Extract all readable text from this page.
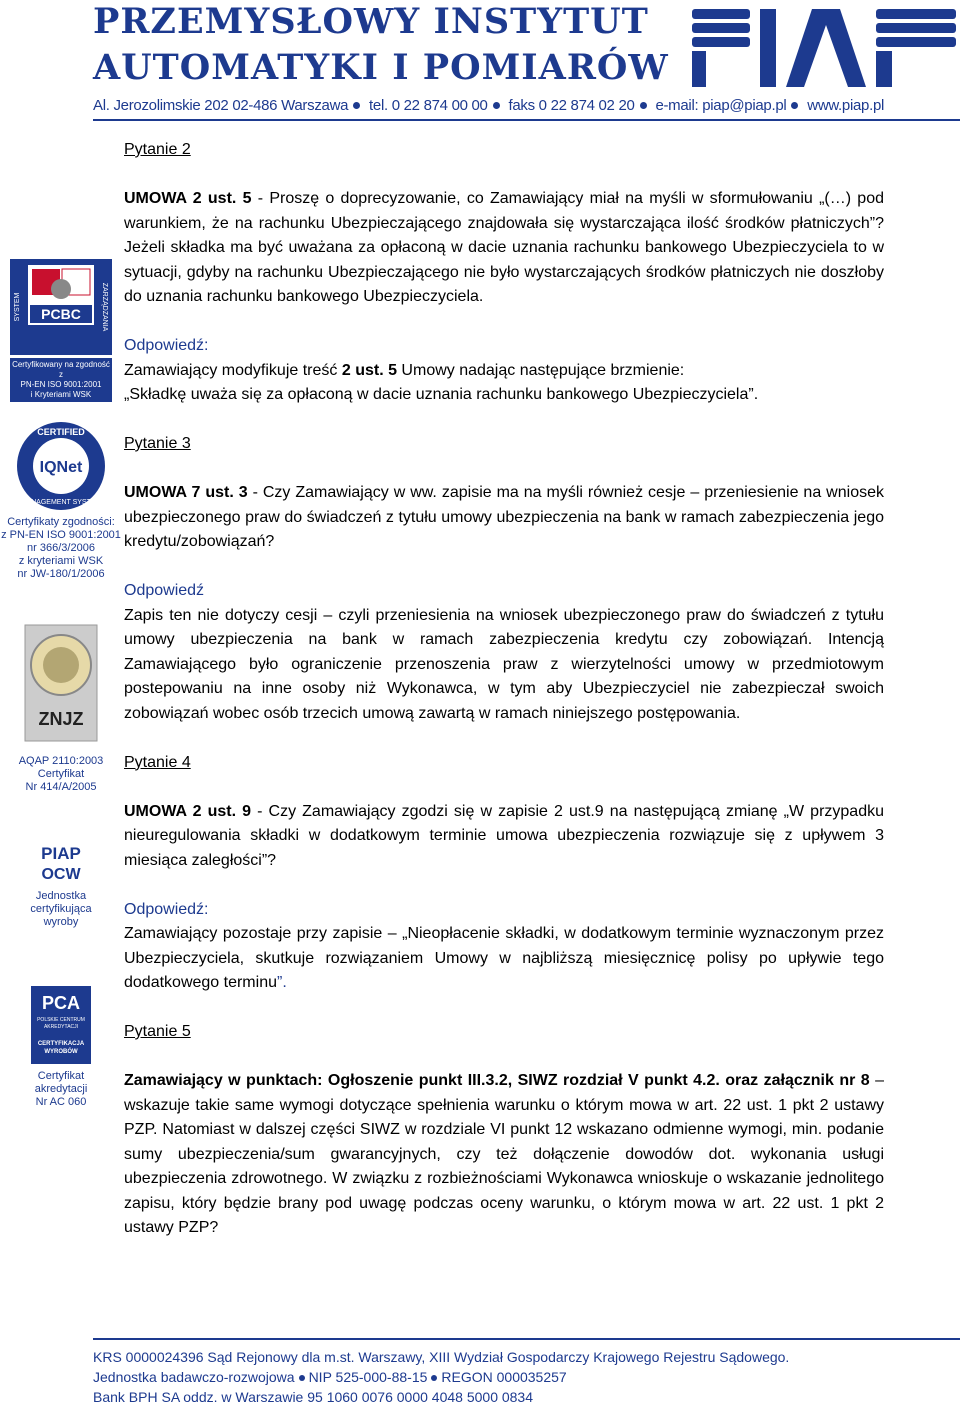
PRZEMYSŁOWY INSTYTUT
AUTOMATYKI I POMIARÓW
Al. Jerozolimskie 202 02-486 Warszawa tel. 0 22 874 00 00 faks 0 22 874 02 20 e-mail: piap@piap.pl www.piap.pl
PCBC
SYSTEM	ZARZĄDZANIA
Certyfikowany na zgodność z
PN-EN ISO 9001:2001
i Kryteriami WSK
IQNet
CERTIFIED
MANAGEMENT SYSTEM
Certyfikaty zgodności:
z PN-EN ISO 9001:2001
nr 366/3/2006
z kryteriami WSK
nr JW-180/1/2006
ZNJZ
AQAP 2110:2003
Certyfikat
Nr 414/A/2005
PIAP
OCW
Jednostka
certyfikująca
wyroby
PCA
POLSKIE CENTRUM
AKREDYTACJI
CERTYFIKACJA
WYROBÓW
Certyfikat
akredytacji
Nr AC 060

Pytanie 2

UMOWA 2 ust. 5 - Proszę o doprecyzowanie, co Zamawiający miał na myśli w sformułowaniu „(…) pod warunkiem, że na rachunku Ubezpieczającego znajdowała się wystarczająca ilość środków płatniczych”? Jeżeli składka ma być uważana za opłaconą w dacie uznania rachunku bankowego Ubezpieczyciela to w sytuacji, gdyby na rachunku Ubezpieczającego nie było wystarczających środków płatniczych nie doszłoby do uznania rachunku bankowego Ubezpieczyciela.

Odpowiedź:

Zamawiający modyfikuje treść 2 ust. 5 Umowy nadając następujące brzmienie:

„Składkę uważa się za opłaconą w dacie uznania rachunku bankowego Ubezpieczyciela”.

Pytanie 3

UMOWA 7 ust. 3 - Czy Zamawiający w ww. zapisie ma na myśli również cesje – przeniesienie na wniosek ubezpieczonego praw do świadczeń z tytułu umowy ubezpieczenia na bank w ramach zabezpieczenia jego kredytu/zobowiązań?

Odpowiedź

Zapis ten nie dotyczy cesji – czyli przeniesienia na wniosek ubezpieczonego praw do świadczeń z tytułu umowy ubezpieczenia na bank w ramach zabezpieczenia kredytu czy zobowiązań. Intencją Zamawiającego było ograniczenie przenoszenia praw z wierzytelności umowy w przedmiotowym postepowaniu na inne osoby niż Wykonawca, w tym aby Ubezpieczyciel nie zabezpieczał swoich zobowiązań wobec osób trzecich umową zawartą w ramach niniejszego postępowania.

Pytanie 4

UMOWA 2 ust. 9 - Czy Zamawiający zgodzi się w zapisie 2 ust.9 na następującą zmianę „W przypadku nieuregulowania składki w dodatkowym terminie umowa ubezpieczenia rozwiązuje się z upływem 3 miesiąca zaległości”?

Odpowiedź:

Zamawiający pozostaje przy zapisie – „Nieopłacenie składki, w dodatkowym terminie wyznaczonym przez Ubezpieczyciela, skutkuje rozwiązaniem Umowy w najbliższą miesięcznicę polisy po upływie tego dodatkowego terminu”.

Pytanie 5

Zamawiający w punktach: Ogłoszenie punkt III.3.2, SIWZ rozdział V punkt 4.2. oraz załącznik nr 8 – wskazuje takie same wymogi dotyczące spełnienia warunku o którym mowa w art. 22 ust. 1 pkt 2 ustawy PZP. Natomiast w dalszej części SIWZ w rozdziale VI punkt 12 wskazano odmienne wymogi, min. podanie sumy ubezpieczenia/sum gwarancyjnych, czy też dołączenie dowodów dot. wykonania usługi ubezpieczenia zdrowotnego. W związku z rozbieżnościami Wykonawca wnioskuje o wskazanie jednolitego zapisu, który będzie brany pod uwagę podczas oceny warunku, o którym mowa w art. 22 ust. 1 pkt 2 ustawy PZP?

KRS 0000024396 Sąd Rejonowy dla m.st. Warszawy, XIII Wydział Gospodarczy Krajowego Rejestru Sądowego.
Jednostka badawczo-rozwojowa NIP 525-000-88-15 REGON 000035257
Bank BPH SA oddz. w Warszawie 95 1060 0076 0000 4048 5000 0834
